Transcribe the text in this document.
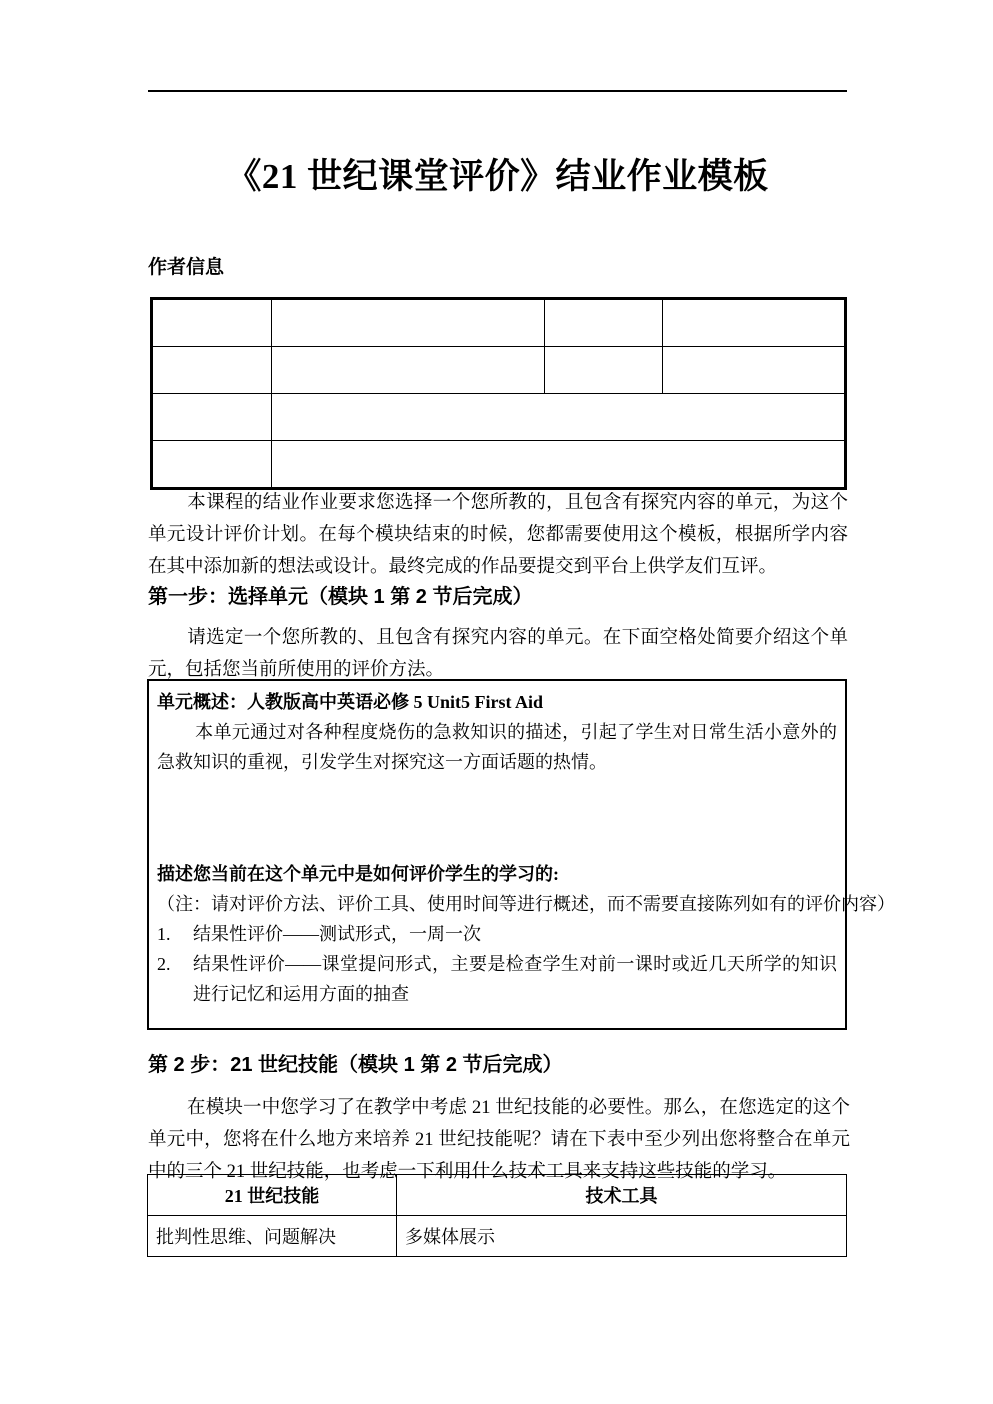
《21 世纪课堂评价》结业作业模板
作者信息

本课程的结业作业要求您选择一个您所教的，且包含有探究内容的单元，为这个单元设计评价计划。在每个模块结束的时候，您都需要使用这个模板，根据所学内容在其中添加新的想法或设计。最终完成的作品要提交到平台上供学友们互评。
第一步：选择单元（模块 1 第 2 节后完成）
请选定一个您所教的、且包含有探究内容的单元。在下面空格处简要介绍这个单元，包括您当前所使用的评价方法。
单元概述：人教版高中英语必修 5 Unit5 First Aid
本单元通过对各种程度烧伤的急救知识的描述，引起了学生对日常生活小意外的急救知识的重视，引发学生对探究这一方面话题的热情。
描述您当前在这个单元中是如何评价学生的学习的:
（注：请对评价方法、评价工具、使用时间等进行概述，而不需要直接陈列如有的评价内容）
1.	结果性评价——测试形式，一周一次
2.	结果性评价——课堂提问形式，主要是检查学生对前一课时或近几天所学的知识进行记忆和运用方面的抽查
第 2 步：21 世纪技能（模块 1 第 2 节后完成）
在模块一中您学习了在教学中考虑 21 世纪技能的必要性。那么，在您选定的这个单元中，您将在什么地方来培养 21 世纪技能呢？请在下表中至少列出您将整合在单元中的三个 21 世纪技能，也考虑一下利用什么技术工具来支持这些技能的学习。
21 世纪技能	技术工具
批判性思维、问题解决	多媒体展示
